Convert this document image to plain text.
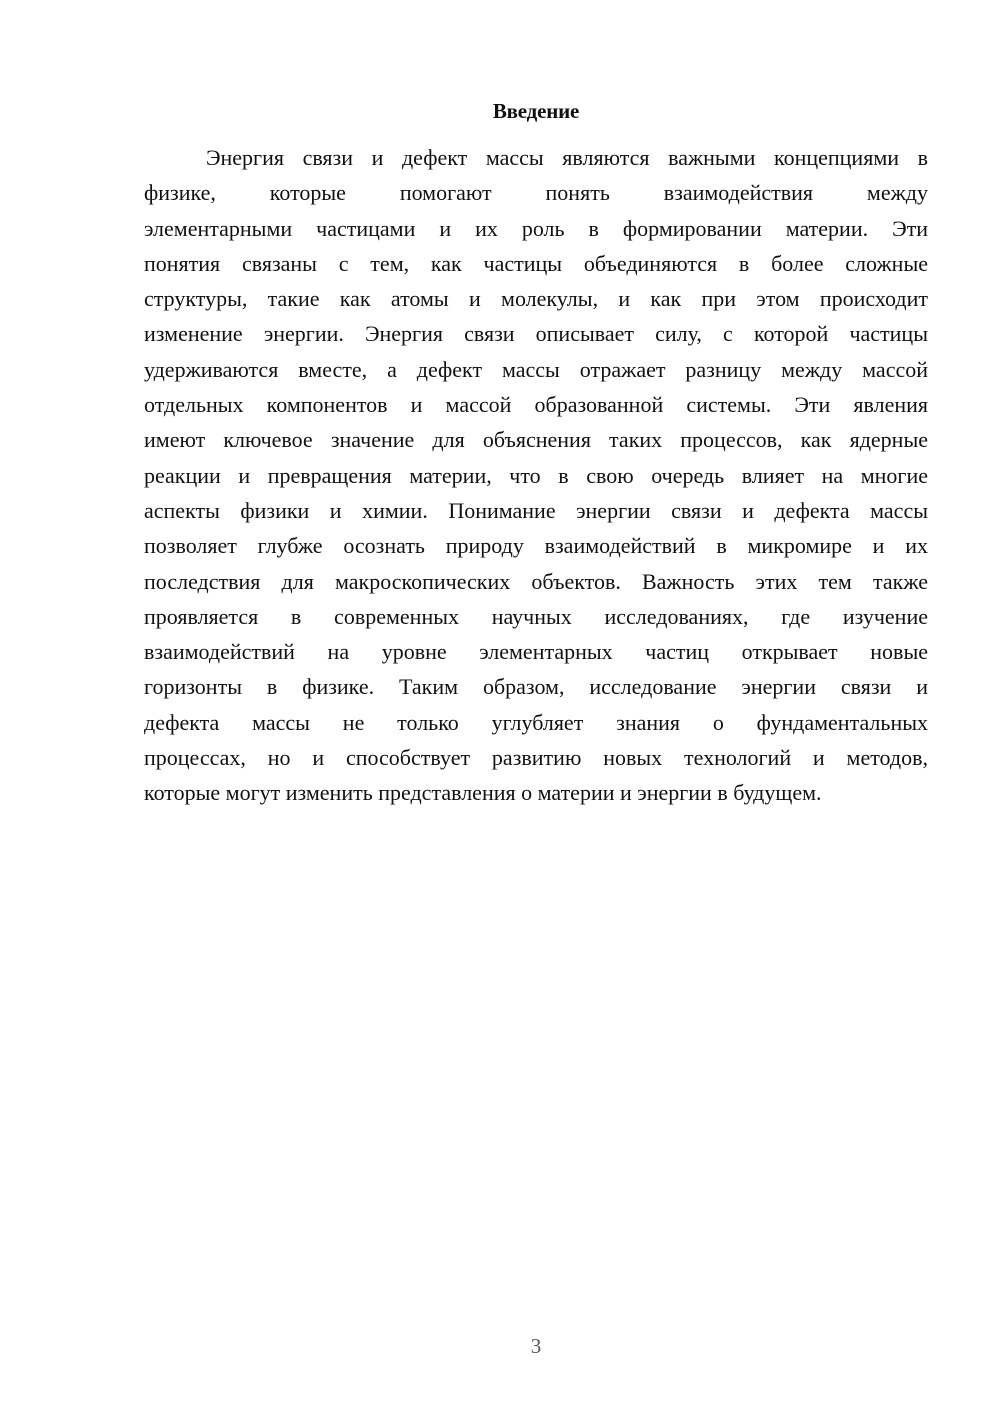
Введение
Энергия связи и дефект массы являются важными концепциями в
физике, которые помогают понять взаимодействия между
элементарными частицами и их роль в формировании материи. Эти
понятия связаны с тем, как частицы объединяются в более сложные
структуры, такие как атомы и молекулы, и как при этом происходит
изменение энергии. Энергия связи описывает силу, с которой частицы
удерживаются вместе, а дефект массы отражает разницу между массой
отдельных компонентов и массой образованной системы. Эти явления
имеют ключевое значение для объяснения таких процессов, как ядерные
реакции и превращения материи, что в свою очередь влияет на многие
аспекты физики и химии. Понимание энергии связи и дефекта массы
позволяет глубже осознать природу взаимодействий в микромире и их
последствия для макроскопических объектов. Важность этих тем также
проявляется в современных научных исследованиях, где изучение
взаимодействий на уровне элементарных частиц открывает новые
горизонты в физике. Таким образом, исследование энергии связи и
дефекта массы не только углубляет знания о фундаментальных
процессах, но и способствует развитию новых технологий и методов,
которые могут изменить представления о материи и энергии в будущем.
3
